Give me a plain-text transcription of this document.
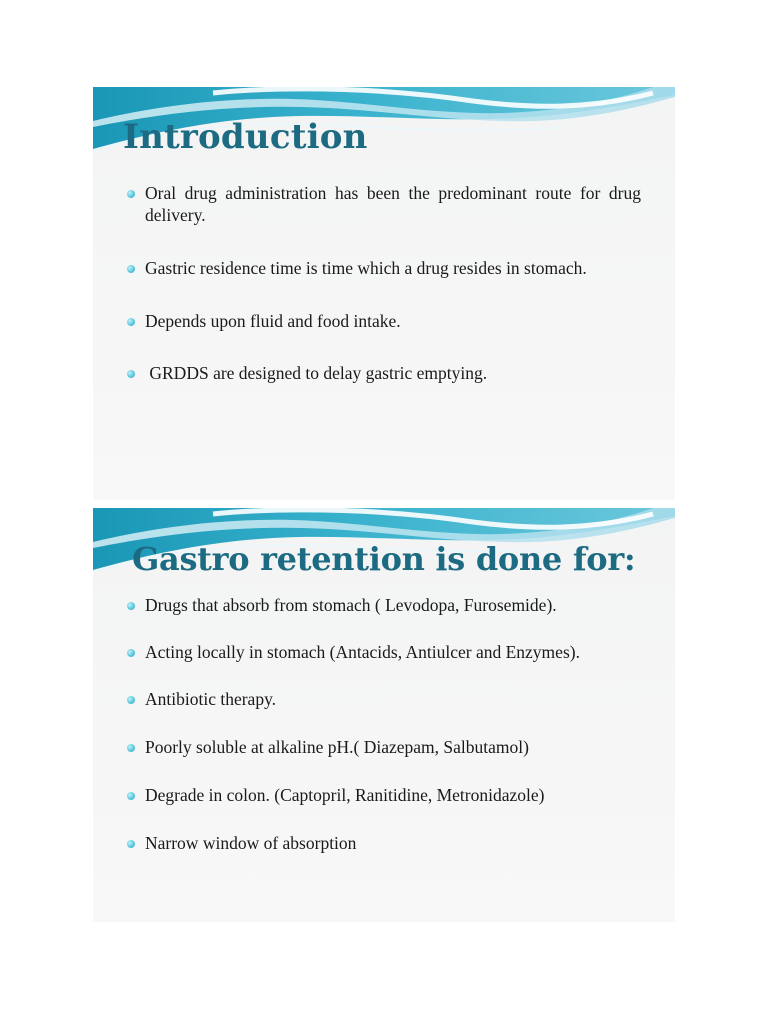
Introduction
Oral drug administration has been the predominant route for drug delivery.
Gastric residence time is time which a drug resides in stomach.
Depends upon fluid and food intake.
GRDDS are designed to delay gastric emptying.
Gastro retention is done for:
Drugs that absorb from stomach ( Levodopa, Furosemide).
Acting locally in stomach (Antacids, Antiulcer and Enzymes).
Antibiotic therapy.
Poorly soluble at alkaline pH.( Diazepam, Salbutamol)
Degrade in colon. (Captopril, Ranitidine, Metronidazole)
Narrow window of absorption
